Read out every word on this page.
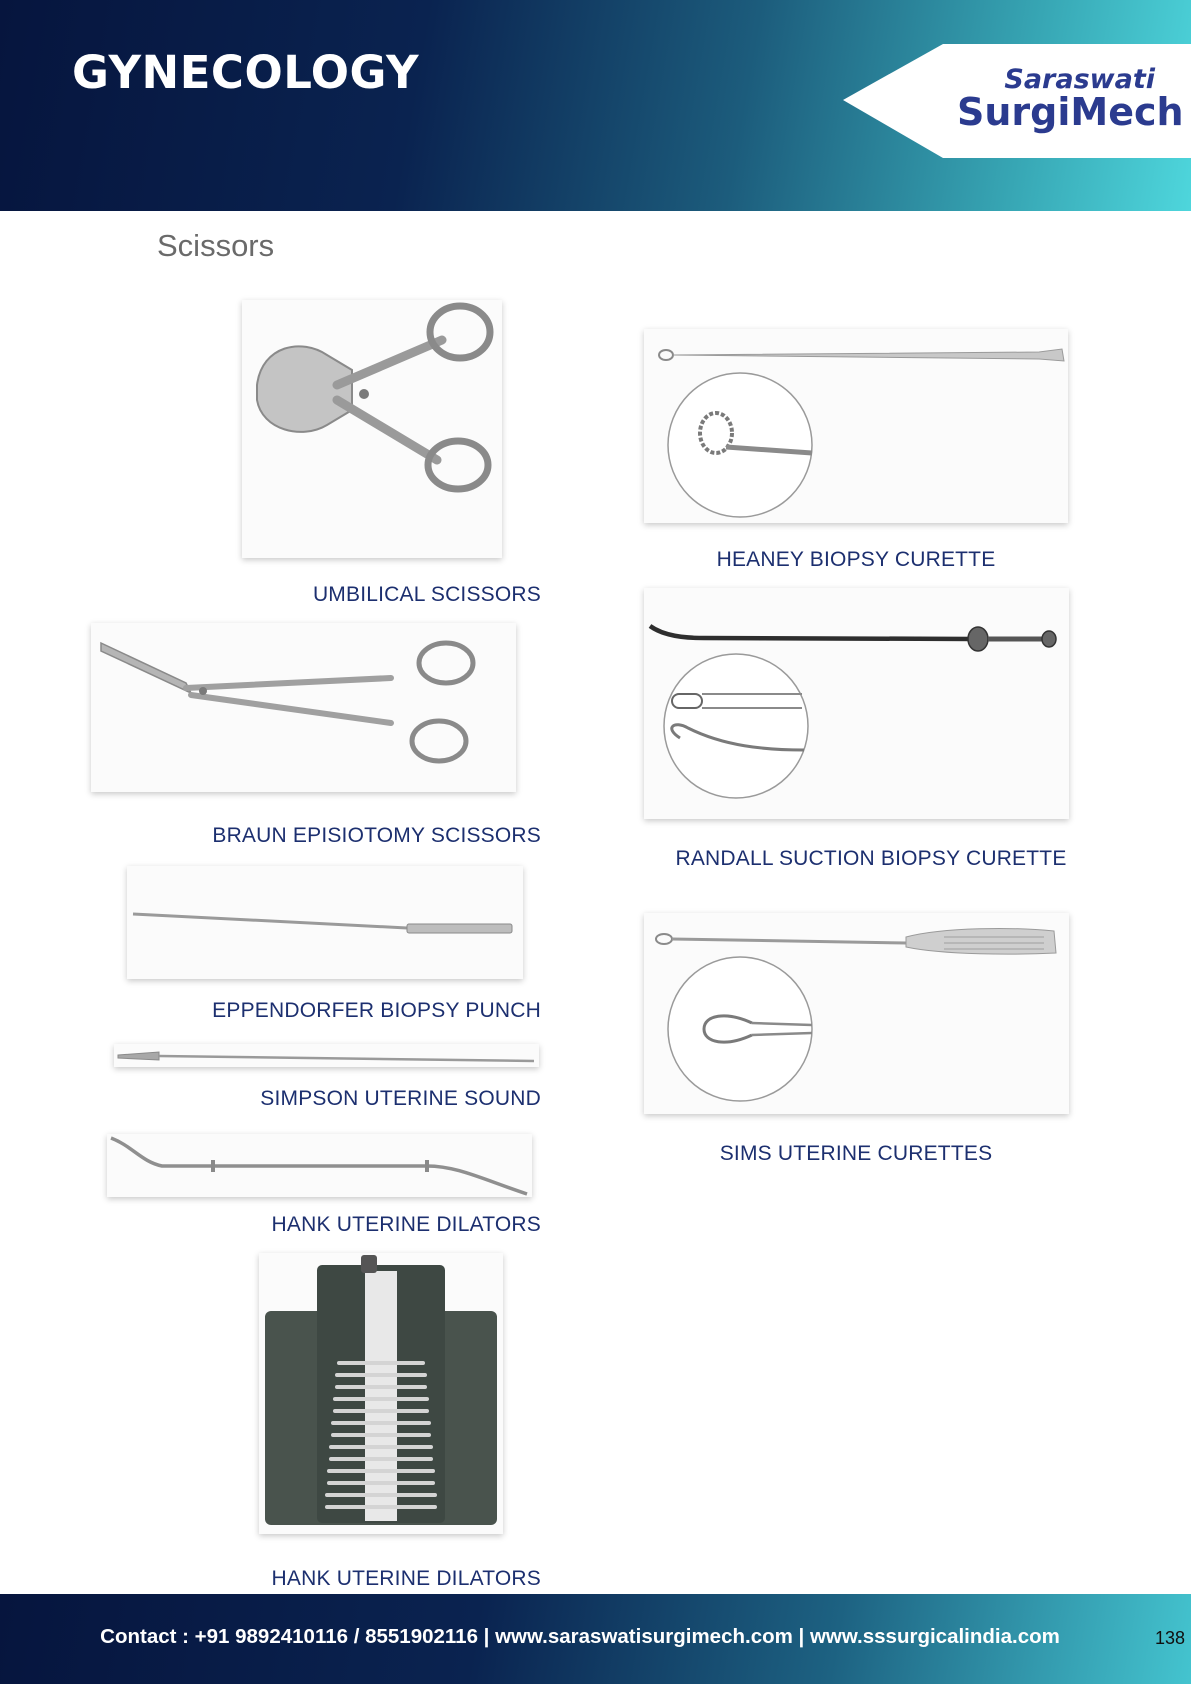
GYNECOLOGY	Saraswati
SurgiMech
Scissors

UMBILICAL SCISSORS

BRAUN EPISIOTOMY SCISSORS

EPPENDORFER BIOPSY PUNCH

SIMPSON UTERINE SOUND

HANK UTERINE DILATORS

HANK UTERINE DILATORS

HEANEY BIOPSY CURETTE

RANDALL SUCTION BIOPSY CURETTE

SIMS UTERINE CURETTES

Contact : +91 9892410116 / 8551902116 | www.saraswatisurgimech.com | www.sssurgicalindia.com	138
